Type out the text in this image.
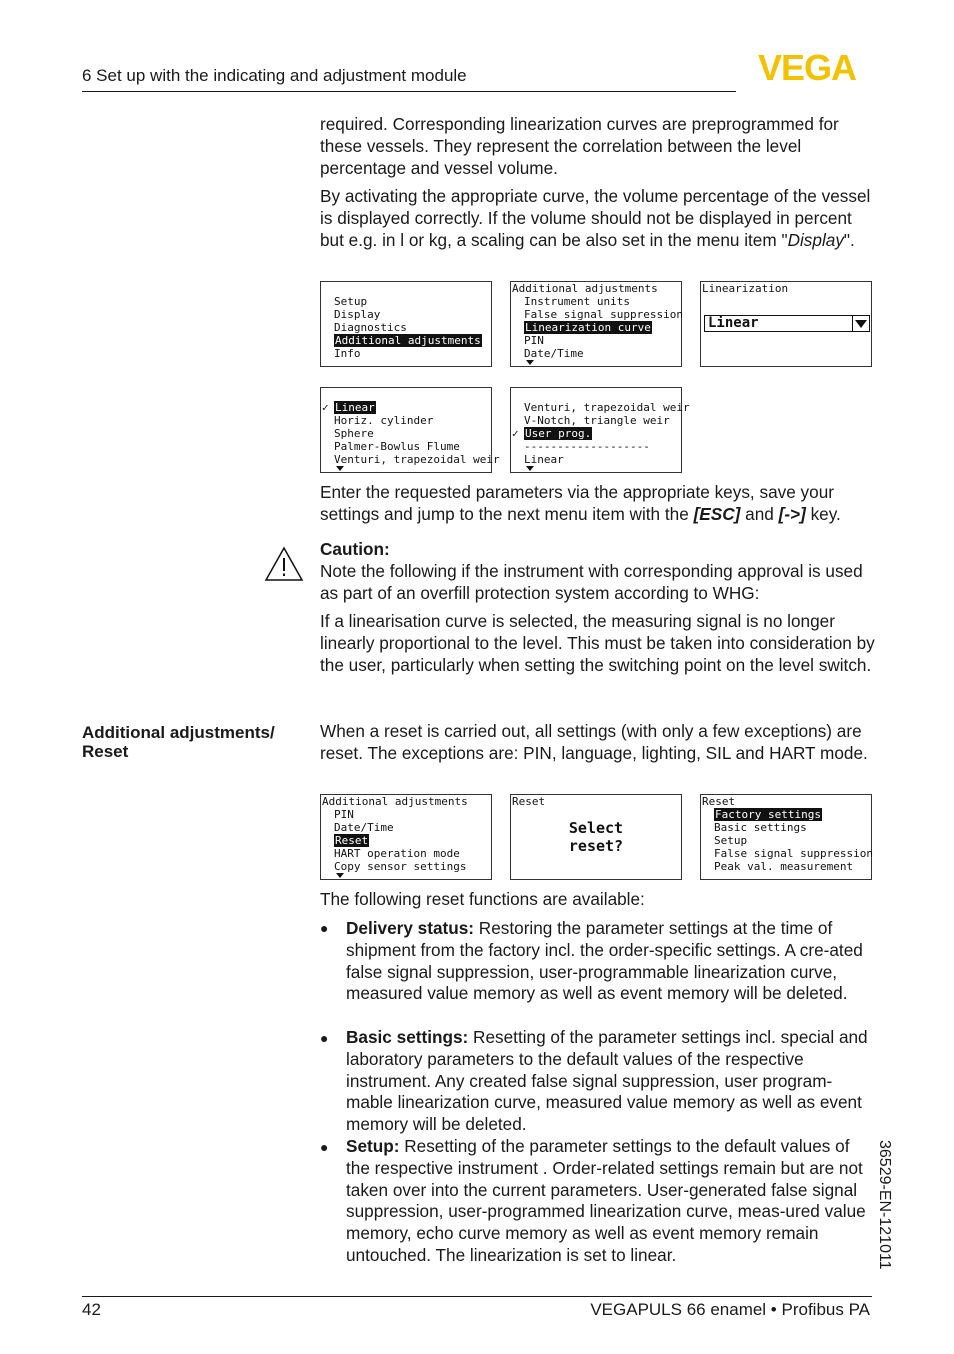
6 Set up with the indicating and adjustment module	VEGA

required. Corresponding linearization curves are preprogrammed for these vessels. They represent the correlation between the level percentage and vessel volume.

By activating the appropriate curve, the volume percentage of the vessel is displayed correctly. If the volume should not be displayed in percent but e.g. in l or kg, a scaling can be also set in the menu item "Display".

Setup
Display
Diagnostics
Additional adjustments
Info
Additional adjustments
Instrument units
False signal suppression
Linearization curve
PIN
Date/Time
Linearization
Linear
✓ Linear
Horiz. cylinder
Sphere
Palmer-Bowlus Flume
Venturi, trapezoidal weir
Venturi, trapezoidal weir
V-Notch, triangle weir
✓ User prog.
-------------------
Linear

Enter the requested parameters via the appropriate keys, save your settings and jump to the next menu item with the [ESC] and [->] key.

Caution:

Note the following if the instrument with corresponding approval is used as part of an overfill protection system according to WHG:

If a linearisation curve is selected, the measuring signal is no longer linearly proportional to the level. This must be taken into consideration by the user, particularly when setting the switching point on the level switch.

Additional adjustments/ Reset

When a reset is carried out, all settings (with only a few exceptions) are reset. The exceptions are: PIN, language, lighting, SIL and HART mode.

Additional adjustments
PIN
Date/Time
Reset
HART operation mode
Copy sensor settings
Reset
Select
reset?
Reset
Factory settings
Basic settings
Setup
False signal suppression
Peak val. measurement

The following reset functions are available:

● Delivery status: Restoring the parameter settings at the time of shipment from the factory incl. the order-specific settings. A cre-ated false signal suppression, user-programmable linearization curve, measured value memory as well as event memory will be deleted.

● Basic settings: Resetting of the parameter settings incl. special and laboratory parameters to the default values of the respective instrument. Any created false signal suppression, user program-mable linearization curve, measured value memory as well as event memory will be deleted.

● Setup: Resetting of the parameter settings to the default values of the respective instrument . Order-related settings remain but are not taken over into the current parameters. User-generated false signal suppression, user-programmed linearization curve, meas-ured value memory, echo curve memory as well as event memory remain untouched. The linearization is set to linear.	36529-EN-121011
42	VEGAPULS 66 enamel • Profibus PA
